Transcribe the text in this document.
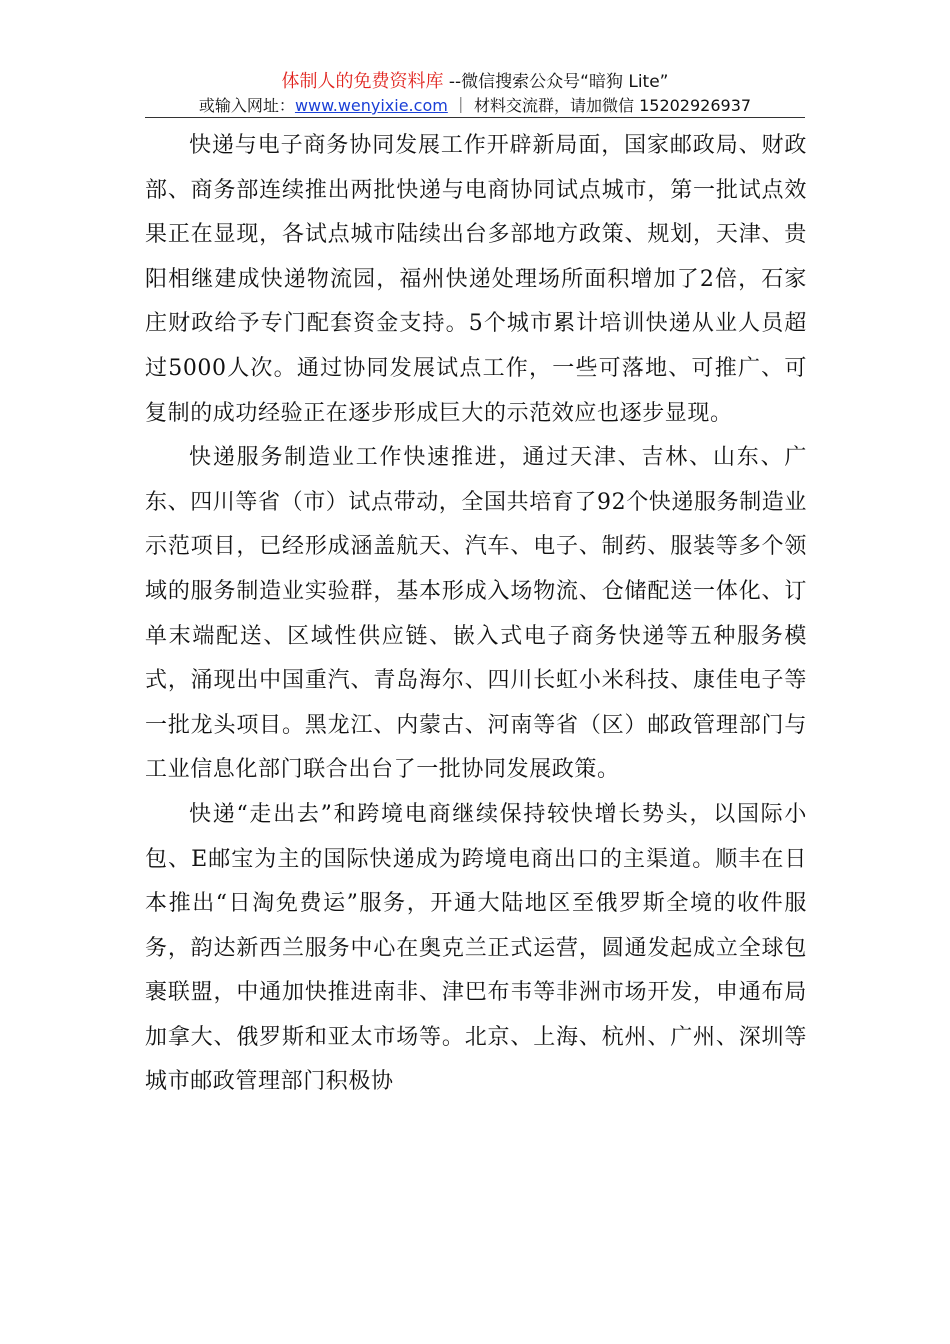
体制人的免费资料库 --微信搜索公众号“暗狗 Lite”
或输入网址：www.wenyixie.com ｜ 材料交流群，请加微信 15202926937

快递与电子商务协同发展工作开辟新局面，国家邮政局、财政部、商务部连续推出两批快递与电商协同试点城市，第一批试点效果正在显现，各试点城市陆续出台多部地方政策、规划，天津、贵阳相继建成快递物流园，福州快递处理场所面积增加了2倍，石家庄财政给予专门配套资金支持。5个城市累计培训快递从业人员超过5000人次。通过协同发展试点工作，一些可落地、可推广、可复制的成功经验正在逐步形成巨大的示范效应也逐步显现。

快递服务制造业工作快速推进，通过天津、吉林、山东、广东、四川等省（市）试点带动，全国共培育了92个快递服务制造业示范项目，已经形成涵盖航天、汽车、电子、制药、服装等多个领域的服务制造业实验群，基本形成入场物流、仓储配送一体化、订单末端配送、区域性供应链、嵌入式电子商务快递等五种服务模式，涌现出中国重汽、青岛海尔、四川长虹小米科技、康佳电子等一批龙头项目。黑龙江、内蒙古、河南等省（区）邮政管理部门与工业信息化部门联合出台了一批协同发展政策。

快递“走出去”和跨境电商继续保持较快增长势头，以国际小包、E邮宝为主的国际快递成为跨境电商出口的主渠道。顺丰在日本推出“日淘免费运”服务，开通大陆地区至俄罗斯全境的收件服务，韵达新西兰服务中心在奥克兰正式运营，圆通发起成立全球包裹联盟，中通加快推进南非、津巴布韦等非洲市场开发，申通布局加拿大、俄罗斯和亚太市场等。北京、上海、杭州、广州、深圳等城市邮政管理部门积极协
